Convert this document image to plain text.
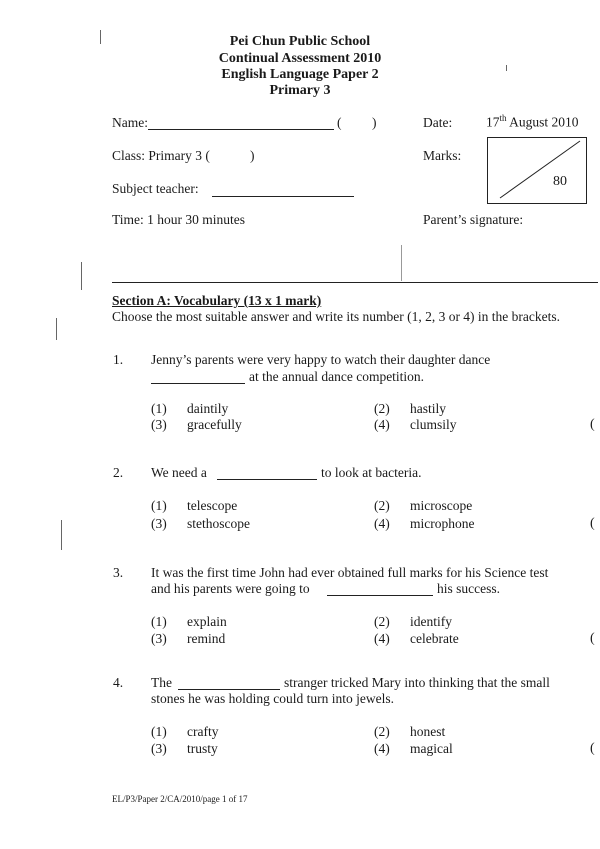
Pei Chun Public School
Continual Assessment 2010
English Language Paper 2
Primary 3
Name:	( )	Date:	17th August 2010
Class: Primary 3 (	)	Marks:
80
Subject teacher:
Time: 1 hour 30 minutes	Parent’s signature:
Section A: Vocabulary (13 x 1 mark)
Choose the most suitable answer and write its number (1, 2, 3 or 4) in the brackets.
1. Jenny’s parents were very happy to watch their daughter dance
at the annual dance competition.
(1) daintily	(2) hastily
(3) gracefully	(4) clumsily	(
2. We need a	to look at bacteria.
(1) telescope	(2) microscope
(3) stethoscope	(4) microphone	(
3. It was the first time John had ever obtained full marks for his Science test
and his parents were going to	his success.
(1) explain	(2) identify
(3) remind	(4) celebrate	(
4. The	stranger tricked Mary into thinking that the small
stones he was holding could turn into jewels.
(1) crafty	(2) honest
(3) trusty	(4) magical	(
EL/P3/Paper 2/CA/2010/page 1 of 17
